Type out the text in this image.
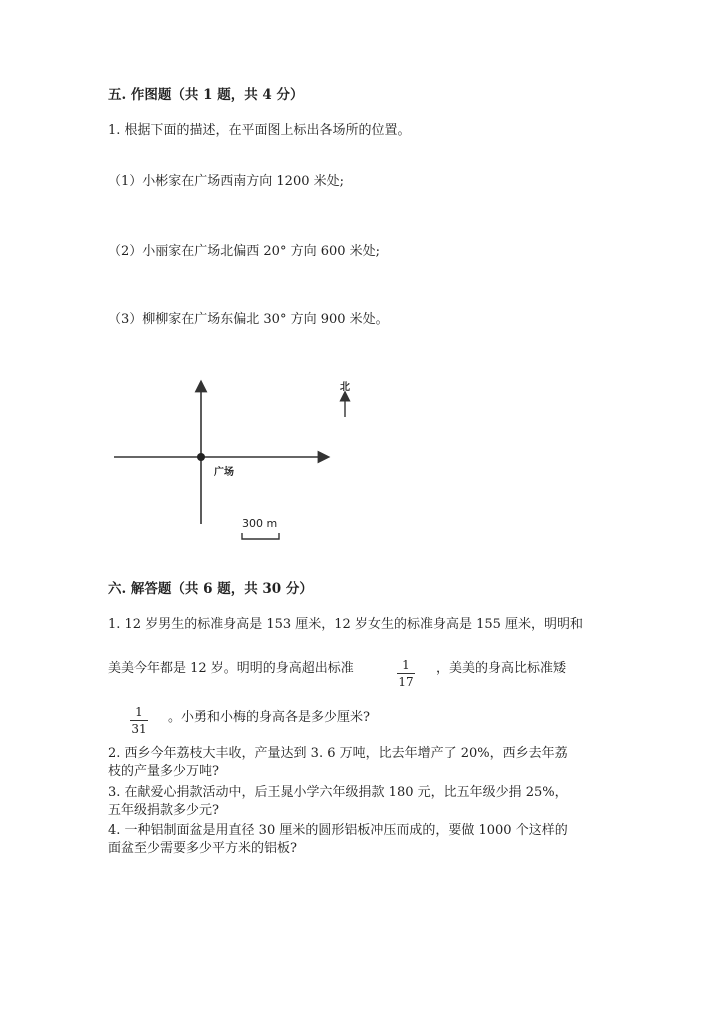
五. 作图题（共 1 题，共 4 分）
1. 根据下面的描述，在平面图上标出各场所的位置。
（1）小彬家在广场西南方向 1200 米处;
（2）小丽家在广场北偏西 20° 方向 600 米处;
（3）柳柳家在广场东偏北 30° 方向 900 米处。
北
广场
300 m
六. 解答题（共 6 题，共 30 分）
1. 12 岁男生的标准身高是 153 厘米，12 岁女生的标准身高是 155 厘米，明明和
美美今年都是 12 岁。明明的身高超出标准	1
17
，美美的身高比标准矮
1
31
。小勇和小梅的身高各是多少厘米?
2. 西乡今年荔枝大丰收，产量达到 3. 6 万吨，比去年增产了 20%，西乡去年荔
枝的产量多少万吨?
3. 在献爱心捐款活动中，后王晁小学六年级捐款 180 元，比五年级少捐 25%，
五年级捐款多少元?
4. 一种铝制面盆是用直径 30 厘米的圆形铝板冲压而成的，要做 1000 个这样的
面盆至少需要多少平方米的铝板?
